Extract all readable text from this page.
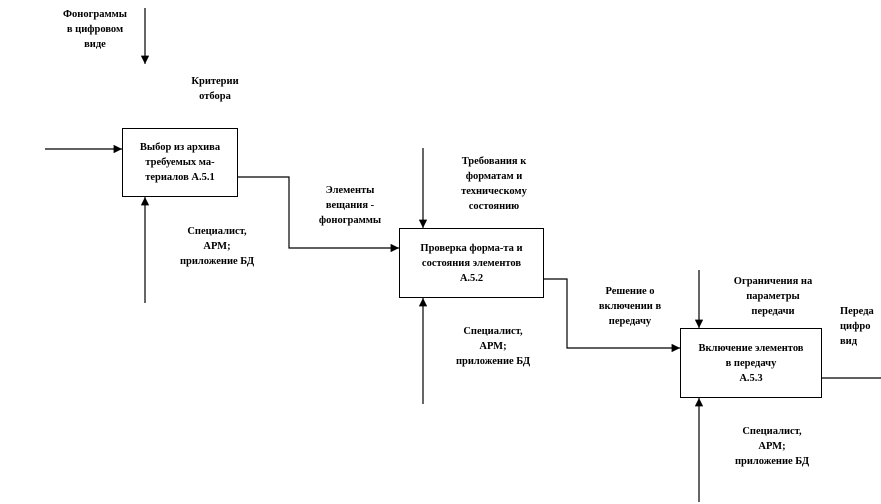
Выбор из архива
требуемых ма-
териалов А.5.1
Проверка форма-та и
состояния элементов
А.5.2
Включение элементов
в передачу
А.5.3
Фонограммы
в цифровом
виде
Критерии
отбора
Элементы
вещания -
фонограммы
Требования к
форматам и
техническому
состоянию
Решение о
включении в
передачу
Ограничения на
параметры
передачи	Переда
цифро
вид
Специалист,
АРМ;
приложение БД
Специалист,
АРМ;
приложение БД
Специалист,
АРМ;
приложение БД
